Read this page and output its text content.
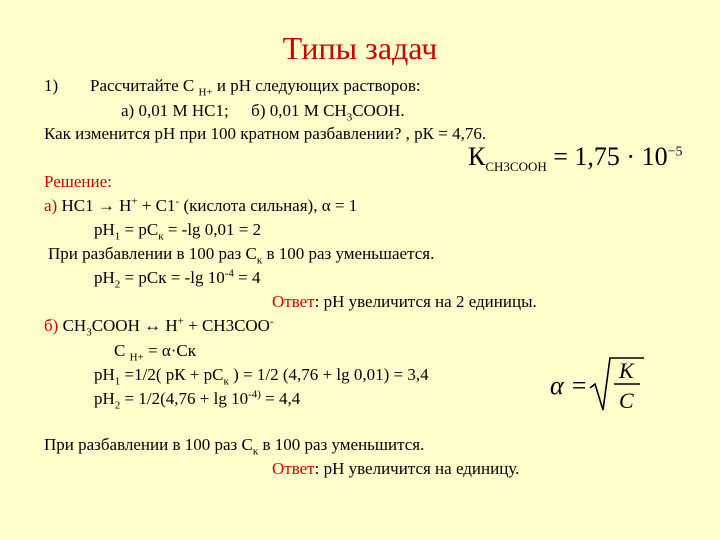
Типы задач
1) Рассчитайте С $_{Н+}$ и рН следующих растворов:
а) 0,01 М НС1; б) 0,01 М $СН_3СООН$.
Как изменится рН при 100 кратном разбавлении? , рК = 4,76.
$К_{CH3COOH} = 1,75 \cdot 10^{-5}$
Решение:
а) НС1 → Н+ + С1- (кислота сильная), α = 1
$рН_1 = рС_к = -\lg$ 0,01 = 2
При разбавлении в 100 раз $С_к$ в 100 раз уменьшается.
$рН_2$ = рСк = -lg $10^{-4} = 4$
Ответ: рН увеличится на 2 единицы.
б) $СН_3СООН$ ↔ Н+ + СН3СОО-
С $_{Н+}$ = α·Ск
$рН_1 =1/2$( рК + $рС_к$ ) = 1/2 (4,76 + lg 0,01) = 3,4
$рН_2 = 1/2(4,76 + \lg 10^{-4)} = 4,4$	α =
K
C
При разбавлении в 100 раз $С_к$ в 100 раз уменьшится.
Ответ: рН увеличится на единицу.
